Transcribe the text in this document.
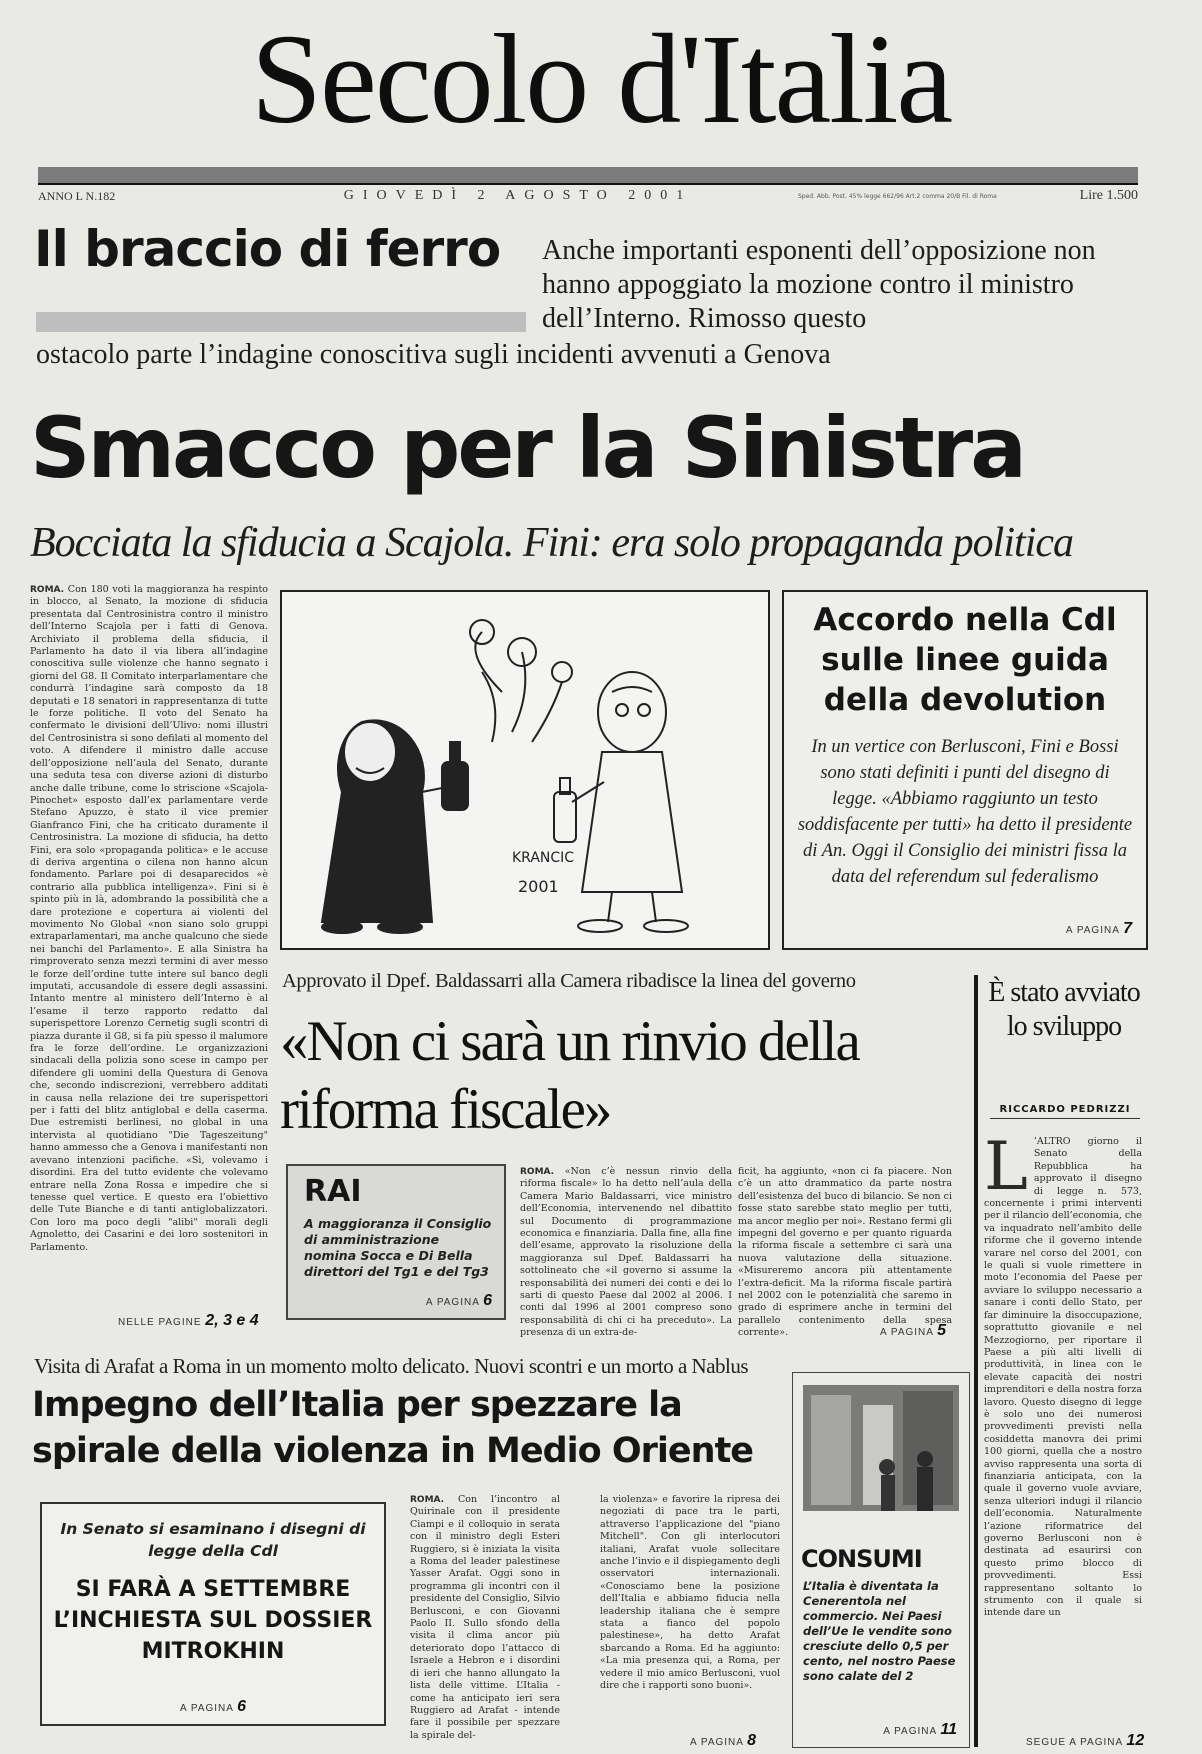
Secolo d'Italia
ANNO L N.182	GIOVEDÌ 2 AGOSTO 2001	Sped. Abb. Post. 45% legge 662/96 Art.2 comma 20/B Fil. di Roma	Lire 1.500
Il braccio di ferro Anche importanti esponenti dell’opposizione non hanno appoggiato la mozione contro il ministro dell’Interno. Rimosso questo
ostacolo parte l’indagine conoscitiva sugli incidenti avvenuti a Genova
Smacco per la Sinistra
Bocciata la sfiducia a Scajola. Fini: era solo propaganda politica
ROMA. Con 180 voti la maggioranza ha respinto in blocco, al Senato, la mozione di sfiducia presentata dal Centrosinistra contro il ministro dell’Interno Scajola per i fatti di Genova. Archiviato il problema della sfiducia, il Parlamento ha dato il via libera all’indagine conoscitiva sulle violenze che hanno segnato i giorni del G8. Il Comitato interparlamentare che condurrà l’indagine sarà composto da 18 deputati e 18 senatori in rappresentanza di tutte le forze politiche. Il voto del Senato ha confermato le divisioni dell’Ulivo: nomi illustri del Centrosinistra si sono defilati al momento del voto. A difendere il ministro dalle accuse dell’opposizione nell’aula del Senato, durante una seduta tesa con diverse azioni di disturbo anche dalle tribune, come lo striscione «Scajola-Pinochet» esposto dall’ex parlamentare verde Stefano Apuzzo, è stato il vice premier Gianfranco Fini, che ha criticato duramente il Centrosinistra. La mozione di sfiducia, ha detto Fini, era solo «propaganda politica» e le accuse di deriva argentina o cilena non hanno alcun fondamento. Parlare poi di desaparecidos «è contrario alla pubblica intelligenza». Fini si è spinto più in là, adombrando la possibilità che a dare protezione e copertura ai violenti del movimento No Global «non siano solo gruppi extraparlamentari, ma anche qualcuno che siede nei banchi del Parlamento». E alla Sinistra ha rimproverato senza mezzi termini di aver messo le forze dell’ordine tutte intere sul banco degli imputati, accusandole di essere degli assassini. Intanto mentre al ministero dell’Interno è al l’esame il terzo rapporto redatto dal superispettore Lorenzo Cernetig sugli scontri di piazza durante il G8, si fa più spesso il malumore fra le forze dell’ordine. Le organizzazioni sindacali della polizia sono scese in campo per difendere gli uomini della Questura di Genova che, secondo indiscrezioni, verrebbero additati in causa nella relazione dei tre superispettori per i fatti del blitz antiglobal e della caserma. Due estremisti berlinesi, no global in una intervista al quotidiano "Die Tageszeitung" hanno ammesso che a Genova i manifestanti non avevano intenzioni pacifiche. «Sì, volevamo i disordini. Era del tutto evidente che volevamo entrare nella Zona Rossa e impedire che si tenesse quel vertice. E questo era l’obiettivo delle Tute Bianche e di tanti antiglobalizzatori. Con loro ma poco degli "alibi" morali degli Agnoletto, dei Casarini e dei loro sostenitori in Parlamento.
NELLE PAGINE 2, 3 e 4
KRANCIC
2001
Accordo nella Cdl sulle linee guida della devolution
In un vertice con Berlusconi, Fini e Bossi sono stati definiti i punti del disegno di legge. «Abbiamo raggiunto un testo soddisfacente per tutti» ha detto il presidente di An. Oggi il Consiglio dei ministri fissa la data del referendum sul federalismo
A PAGINA 7
Approvato il Dpef. Baldassarri alla Camera ribadisce la linea del governo
«Non ci sarà un rinvio della riforma fiscale»
RAI
A maggioranza il Consiglio di amministrazione nomina Socca e Di Bella direttori del Tg1 e del Tg3
A PAGINA 6
ROMA. «Non c’è nessun rinvio della riforma fiscale» lo ha detto nell’aula della Camera Mario Baldassarri, vice ministro dell’Economia, intervenendo nel dibattito sul Documento di programmazione economica e finanziaria. Dalla fine, alla fine dell’esame, approvato la risoluzione della maggioranza sul Dpef. Baldassarri ha sottolineato che «il governo si assume la responsabilità dei numeri dei conti e dei lo sarti di questo Paese dal 2002 al 2006. I conti dal 1996 al 2001 compreso sono responsabilità di chi ci ha preceduto». La presenza di un extra-de-
ficit, ha aggiunto, «non ci fa piacere. Non c’è un atto drammatico da parte nostra dell’esistenza del buco di bilancio. Se non ci fosse stato sarebbe stato meglio per tutti, ma ancor meglio per noi». Restano fermi gli impegni del governo e per quanto riguarda la riforma fiscale a settembre ci sarà una nuova valutazione della situazione. «Misureremo ancora più attentamente l’extra-deficit. Ma la riforma fiscale partirà nel 2002 con le potenzialità che saremo in grado di esprimere anche in termini del parallelo contenimento della spesa corrente».	A PAGINA 5
È stato avviato lo sviluppo
RICCARDO PEDRIZZI
L ’ALTRO giorno il Senato della Repubblica ha approvato il disegno di legge n. 573, concernente i primi interventi per il rilancio dell’economia, che va inquadrato nell’ambito delle riforme che il governo intende varare nel corso del 2001, con le quali si vuole rimettere in moto l’economia del Paese per avviare lo sviluppo necessario a sanare i conti dello Stato, per far diminuire la disoccupazione, soprattutto giovanile e nel Mezzogiorno, per riportare il Paese a più alti livelli di produttività, in linea con le elevate capacità dei nostri imprenditori e della nostra forza lavoro. Questo disegno di legge è solo uno dei numerosi provvedimenti previsti nella cosiddetta manovra dei primi 100 giorni, quella che a nostro avviso rappresenta una sorta di finanziaria anticipata, con la quale il governo vuole avviare, senza ulteriori indugi il rilancio dell’economia. Naturalmente l’azione riformatrice del governo Berlusconi non è destinata ad esaurirsi con questo primo blocco di provvedimenti. Essi rappresentano soltanto lo strumento con il quale si intende dare un
SEGUE A PAGINA 12
Visita di Arafat a Roma in un momento molto delicato. Nuovi scontri e un morto a Nablus
Impegno dell’Italia per spezzare la spirale della violenza in Medio Oriente
In Senato si esaminano i disegni di legge della Cdl
SI FARÀ A SETTEMBRE L’INCHIESTA SUL DOSSIER MITROKHIN
A PAGINA 6
ROMA. Con l’incontro al Quirinale con il presidente Ciampi e il colloquio in serata con il ministro degli Esteri Ruggiero, si è iniziata la visita a Roma del leader palestinese Yasser Arafat. Oggi sono in programma gli incontri con il presidente del Consiglio, Silvio Berlusconi, e con Giovanni Paolo II. Sullo sfondo della visita il clima ancor più deteriorato dopo l’attacco di Israele a Hebron e i disordini di ieri che hanno allungato la lista delle vittime. L’Italia - come ha anticipato ieri sera Ruggiero ad Arafat - intende fare il possibile per spezzare la spirale del-
la violenza» e favorire la ripresa dei negoziati di pace tra le parti, attraverso l’applicazione del "piano Mitchell". Con gli interlocutori italiani, Arafat vuole sollecitare anche l’invio e il dispiegamento degli osservatori internazionali. «Conosciamo bene la posizione dell’Italia e abbiamo fiducia nella leadership italiana che è sempre stata a fianco del popolo palestinese», ha detto Arafat sbarcando a Roma. Ed ha aggiunto: «La mia presenza qui, a Roma, per vedere il mio amico Berlusconi, vuol dire che i rapporti sono buoni».
A PAGINA 8
CONSUMI
L’Italia è diventata la Cenerentola nel commercio. Nei Paesi dell’Ue le vendite sono cresciute dello 0,5 per cento, nel nostro Paese sono calate del 2
A PAGINA 11
